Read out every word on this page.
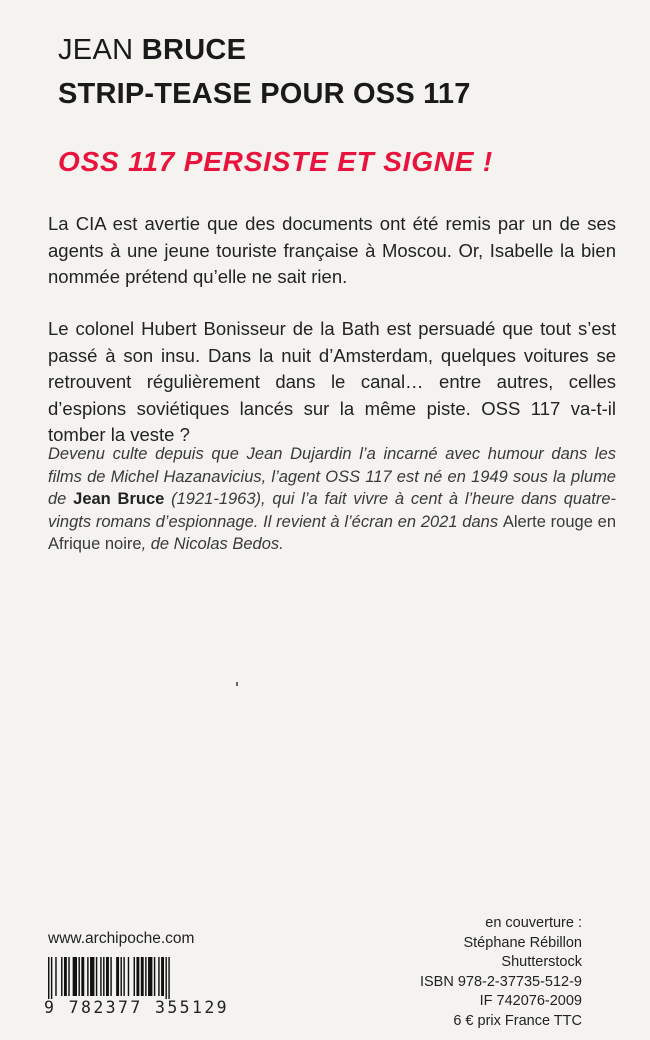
JEAN BRUCE
STRIP-TEASE POUR OSS 117
OSS 117 PERSISTE ET SIGNE !

La CIA est avertie que des documents ont été remis par un de ses agents à une jeune touriste française à Moscou. Or, Isabelle la bien nommée prétend qu’elle ne sait rien.

Le colonel Hubert Bonisseur de la Bath est persuadé que tout s’est passé à son insu. Dans la nuit d’Amsterdam, quelques voitures se retrouvent régulièrement dans le canal… entre autres, celles d’espions soviétiques lancés sur la même piste. OSS 117 va-t-il tomber la veste ?

Devenu culte depuis que Jean Dujardin l’a incarné avec humour dans les films de Michel Hazanavicius, l’agent OSS 117 est né en 1949 sous la plume de Jean Bruce (1921-1963), qui l’a fait vivre à cent à l’heure dans quatre-vingts romans d’espionnage. Il revient à l’écran en 2021 dans Alerte rouge en Afrique noire, de Nicolas Bedos.

www.archipoche.com
9 782377 355129
en couverture :
Stéphane Rébillon
Shutterstock
ISBN 978-2-37735-512-9
IF 742076-2009
6 € prix France TTC
